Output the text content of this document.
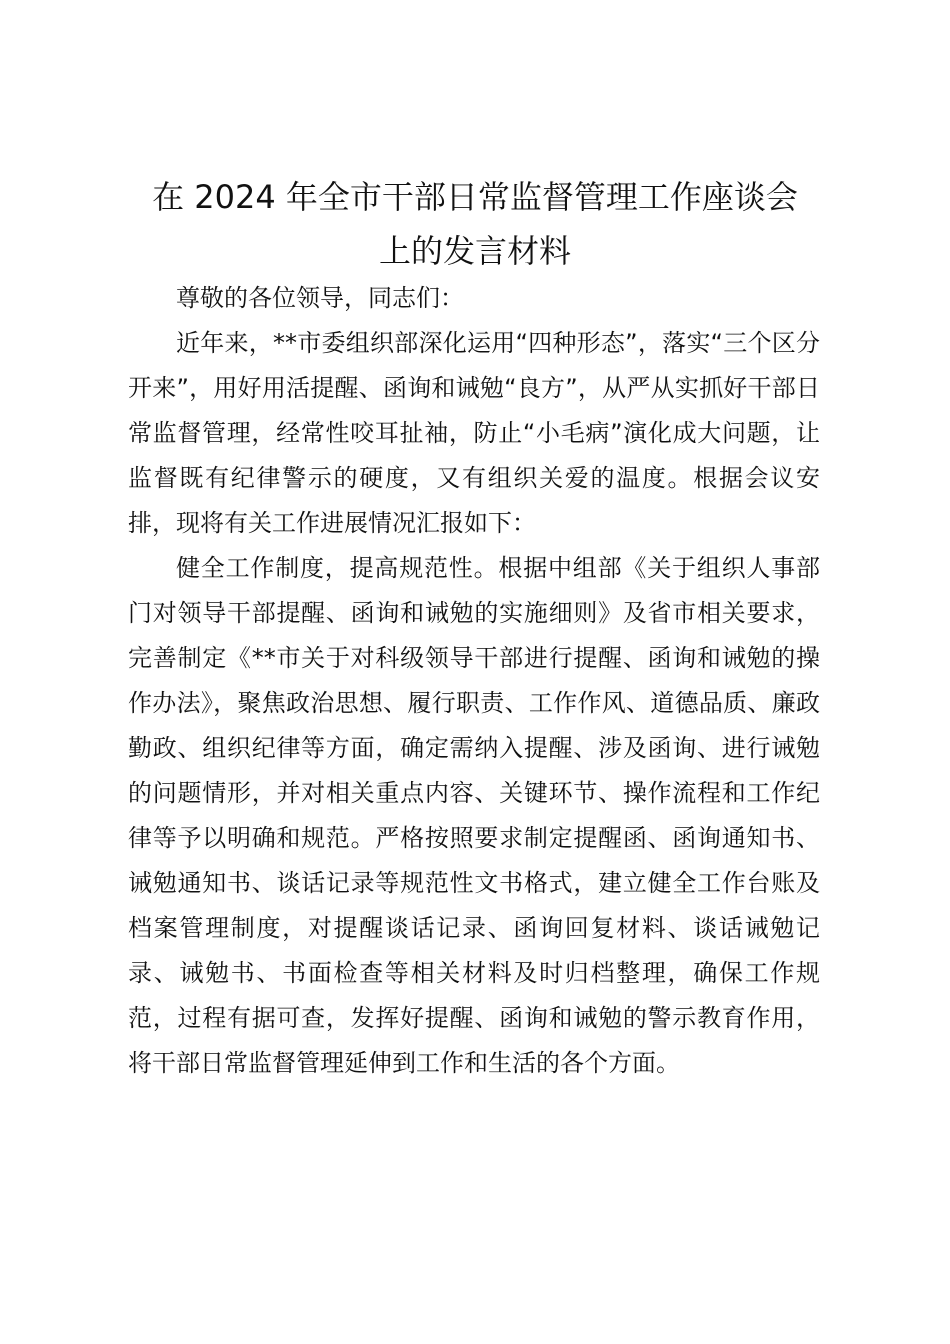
在 2024 年全市干部日常监督管理工作座谈会
上的发言材料

尊敬的各位领导，同志们：

近年来，**市委组织部深化运用“四种形态”，落实“三个区分开来”，用好用活提醒、函询和诫勉“良方”，从严从实抓好干部日常监督管理，经常性咬耳扯袖，防止“小毛病”演化成大问题，让监督既有纪律警示的硬度，又有组织关爱的温度。根据会议安排，现将有关工作进展情况汇报如下：

健全工作制度，提高规范性。根据中组部《关于组织人事部门对领导干部提醒、函询和诫勉的实施细则》及省市相关要求，完善制定《**市关于对科级领导干部进行提醒、函询和诫勉的操作办法》，聚焦政治思想、履行职责、工作作风、道德品质、廉政勤政、组织纪律等方面，确定需纳入提醒、涉及函询、进行诫勉的问题情形，并对相关重点内容、关键环节、操作流程和工作纪律等予以明确和规范。严格按照要求制定提醒函、函询通知书、诫勉通知书、谈话记录等规范性文书格式，建立健全工作台账及档案管理制度，对提醒谈话记录、函询回复材料、谈话诫勉记录、诫勉书、书面检查等相关材料及时归档整理，确保工作规范，过程有据可查，发挥好提醒、函询和诫勉的警示教育作用，将干部日常监督管理延伸到工作和生活的各个方面。
